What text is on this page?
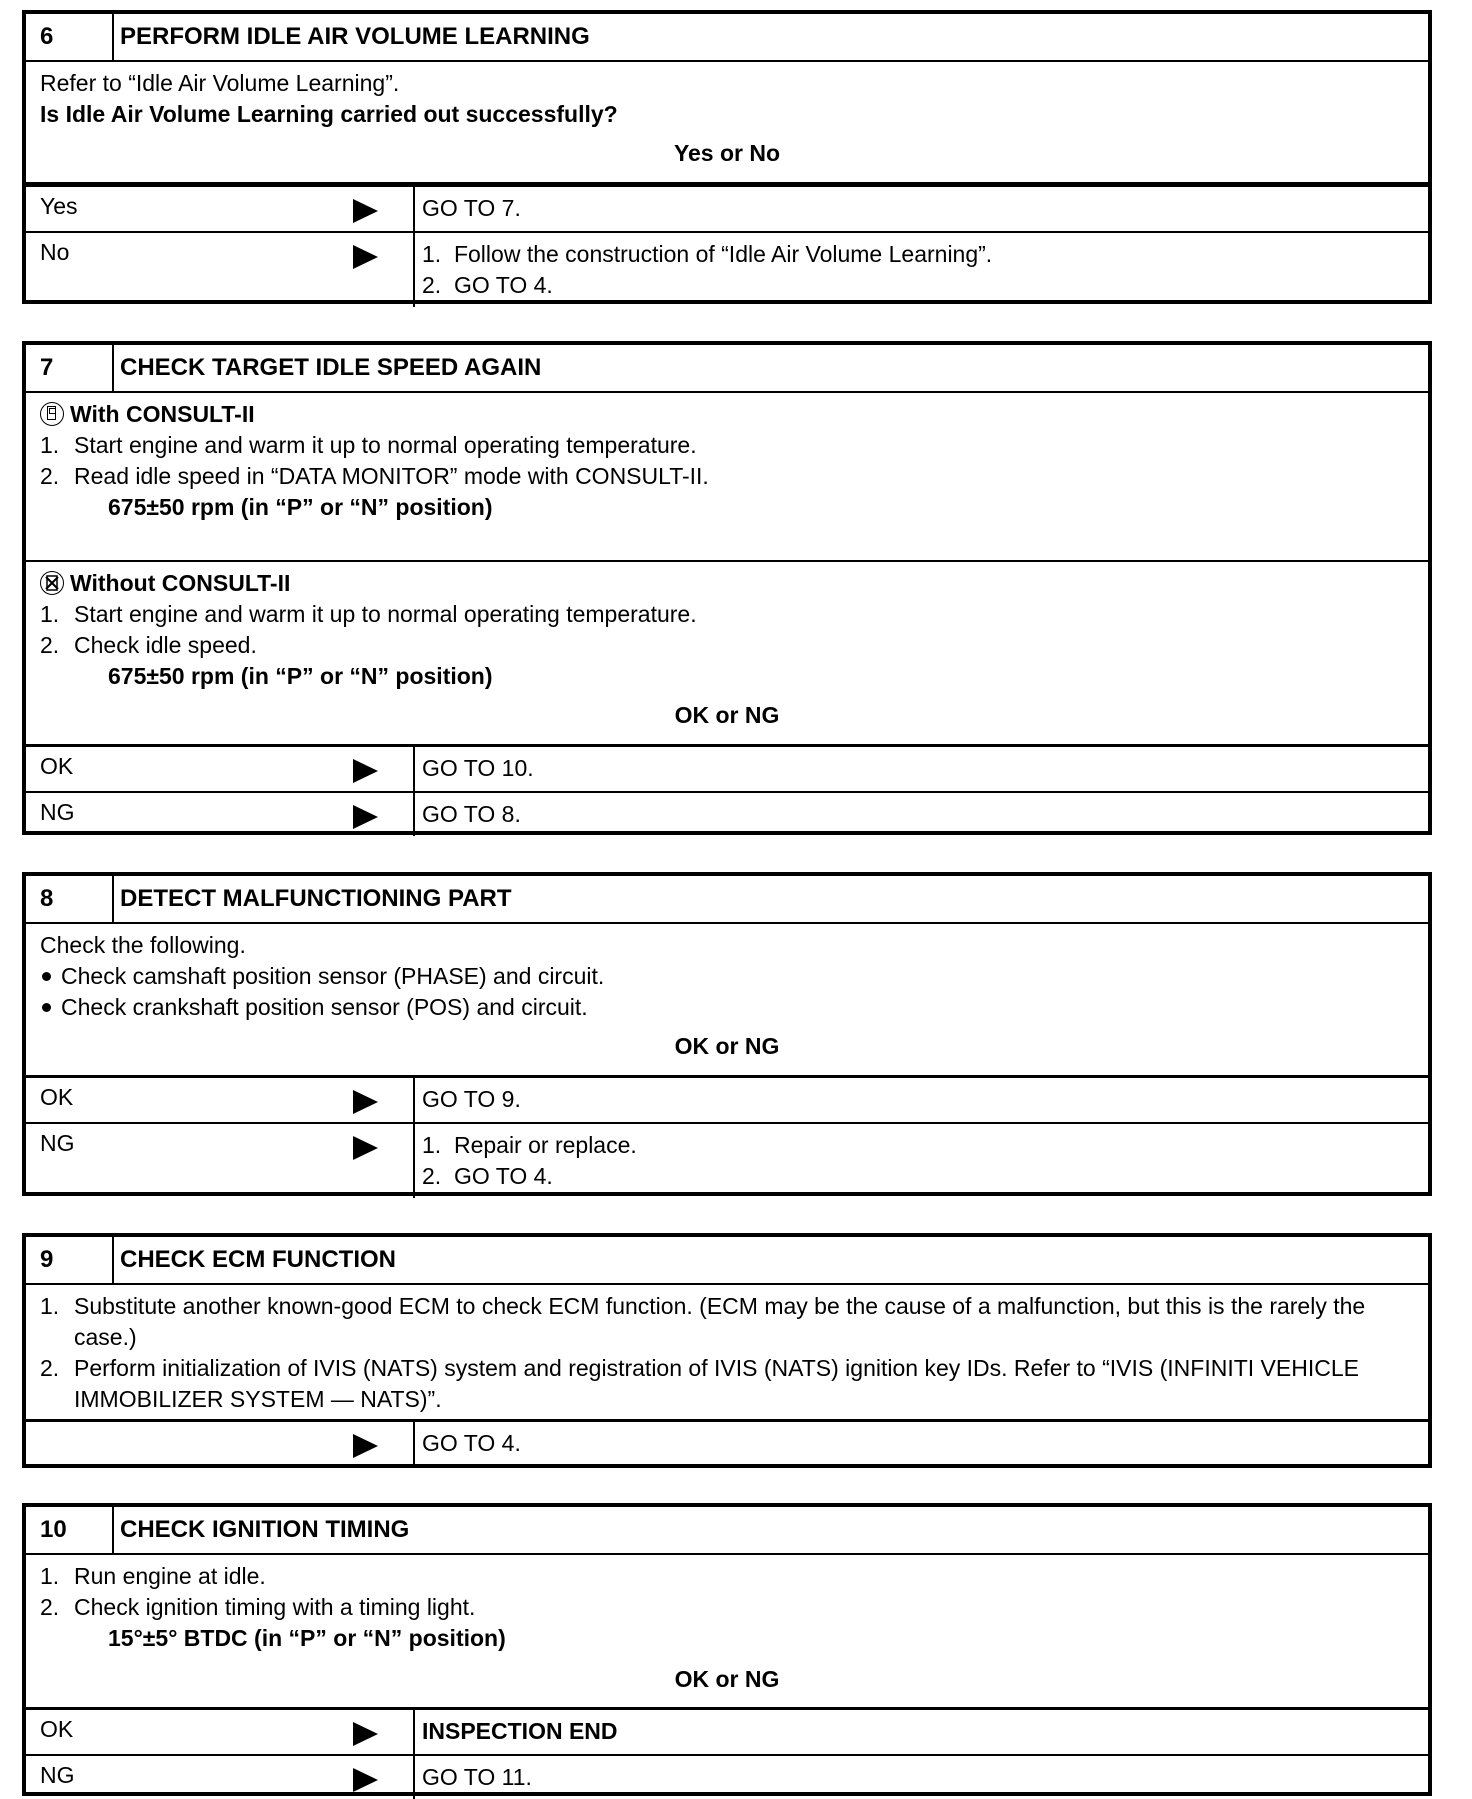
6	PERFORM IDLE AIR VOLUME LEARNING
Refer to “Idle Air Volume Learning”.
Is Idle Air Volume Learning carried out successfully?
Yes or No
Yes	GO TO 7.
No	1.  Follow the construction of “Idle Air Volume Learning”.
2.  GO TO 4.
7	CHECK TARGET IDLE SPEED AGAIN
With CONSULT-II
1. Start engine and warm it up to normal operating temperature.
2. Read idle speed in “DATA MONITOR” mode with CONSULT-II.
675±50 rpm (in “P” or “N” position)
Without CONSULT-II
1. Start engine and warm it up to normal operating temperature.
2. Check idle speed.
675±50 rpm (in “P” or “N” position)
OK or NG
OK	GO TO 10.
NG	GO TO 8.
8	DETECT MALFUNCTIONING PART
Check the following.
Check camshaft position sensor (PHASE) and circuit.
Check crankshaft position sensor (POS) and circuit.
OK or NG
OK	GO TO 9.
NG	1.  Repair or replace.
2.  GO TO 4.
9	CHECK ECM FUNCTION
1. Substitute another known-good ECM to check ECM function. (ECM may be the cause of a malfunction, but this is the rarely the case.)
2. Perform initialization of IVIS (NATS) system and registration of IVIS (NATS) ignition key IDs. Refer to “IVIS (INFINITI VEHICLE IMMOBILIZER SYSTEM — NATS)”.
GO TO 4.
10	CHECK IGNITION TIMING
1. Run engine at idle.
2. Check ignition timing with a timing light.
15°±5° BTDC (in “P” or “N” position)
OK or NG
OK	INSPECTION END
NG	GO TO 11.
